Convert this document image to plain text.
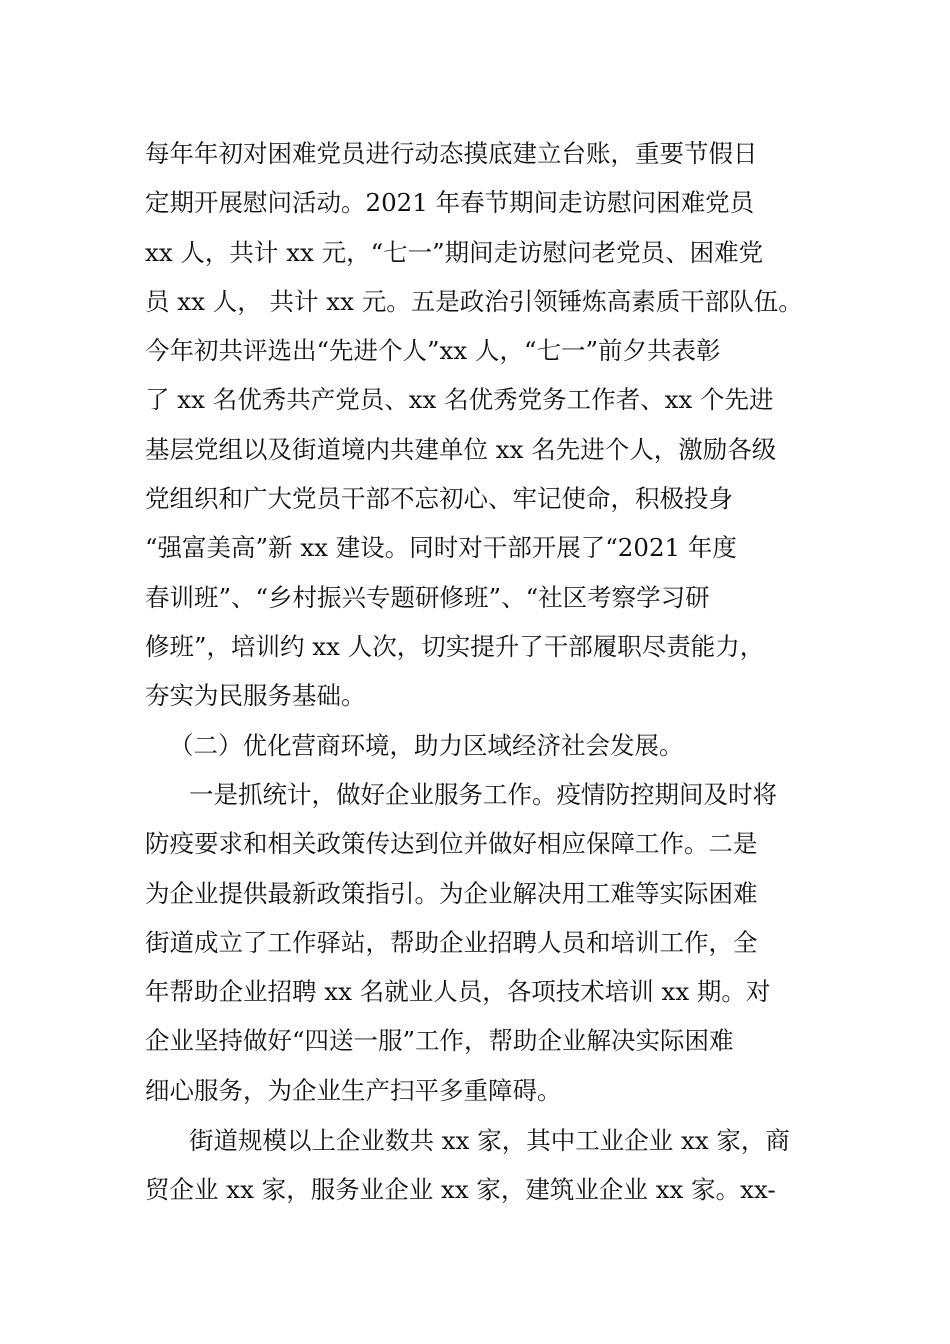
每年年初对困难党员进行动态摸底建立台账，重要节假日
定期开展慰问活动。2021 年春节期间走访慰问困难党员
xx 人，共计 xx 元，“七一”期间走访慰问老党员、困难党
员 xx 人， 共计 xx 元。五是政治引领锤炼高素质干部队伍。
今年初共评选出“先进个人”xx 人，“七一”前夕共表彰
了 xx 名优秀共产党员、xx 名优秀党务工作者、xx 个先进
基层党组以及街道境内共建单位 xx 名先进个人，激励各级
党组织和广大党员干部不忘初心、牢记使命，积极投身
“强富美高”新 xx 建设。同时对干部开展了“2021 年度
春训班”、“乡村振兴专题研修班”、“社区考察学习研
修班”，培训约 xx 人次，切实提升了干部履职尽责能力，
夯实为民服务基础。
（二）优化营商环境，助力区域经济社会发展。
一是抓统计，做好企业服务工作。疫情防控期间及时将
防疫要求和相关政策传达到位并做好相应保障工作。二是
为企业提供最新政策指引。为企业解决用工难等实际困难
街道成立了工作驿站，帮助企业招聘人员和培训工作，全
年帮助企业招聘 xx 名就业人员，各项技术培训 xx 期。对
企业坚持做好“四送一服”工作，帮助企业解决实际困难
细心服务，为企业生产扫平多重障碍。
街道规模以上企业数共 xx 家，其中工业企业 xx 家，商
贸企业 xx 家，服务业企业 xx 家，建筑业企业 xx 家。xx-
